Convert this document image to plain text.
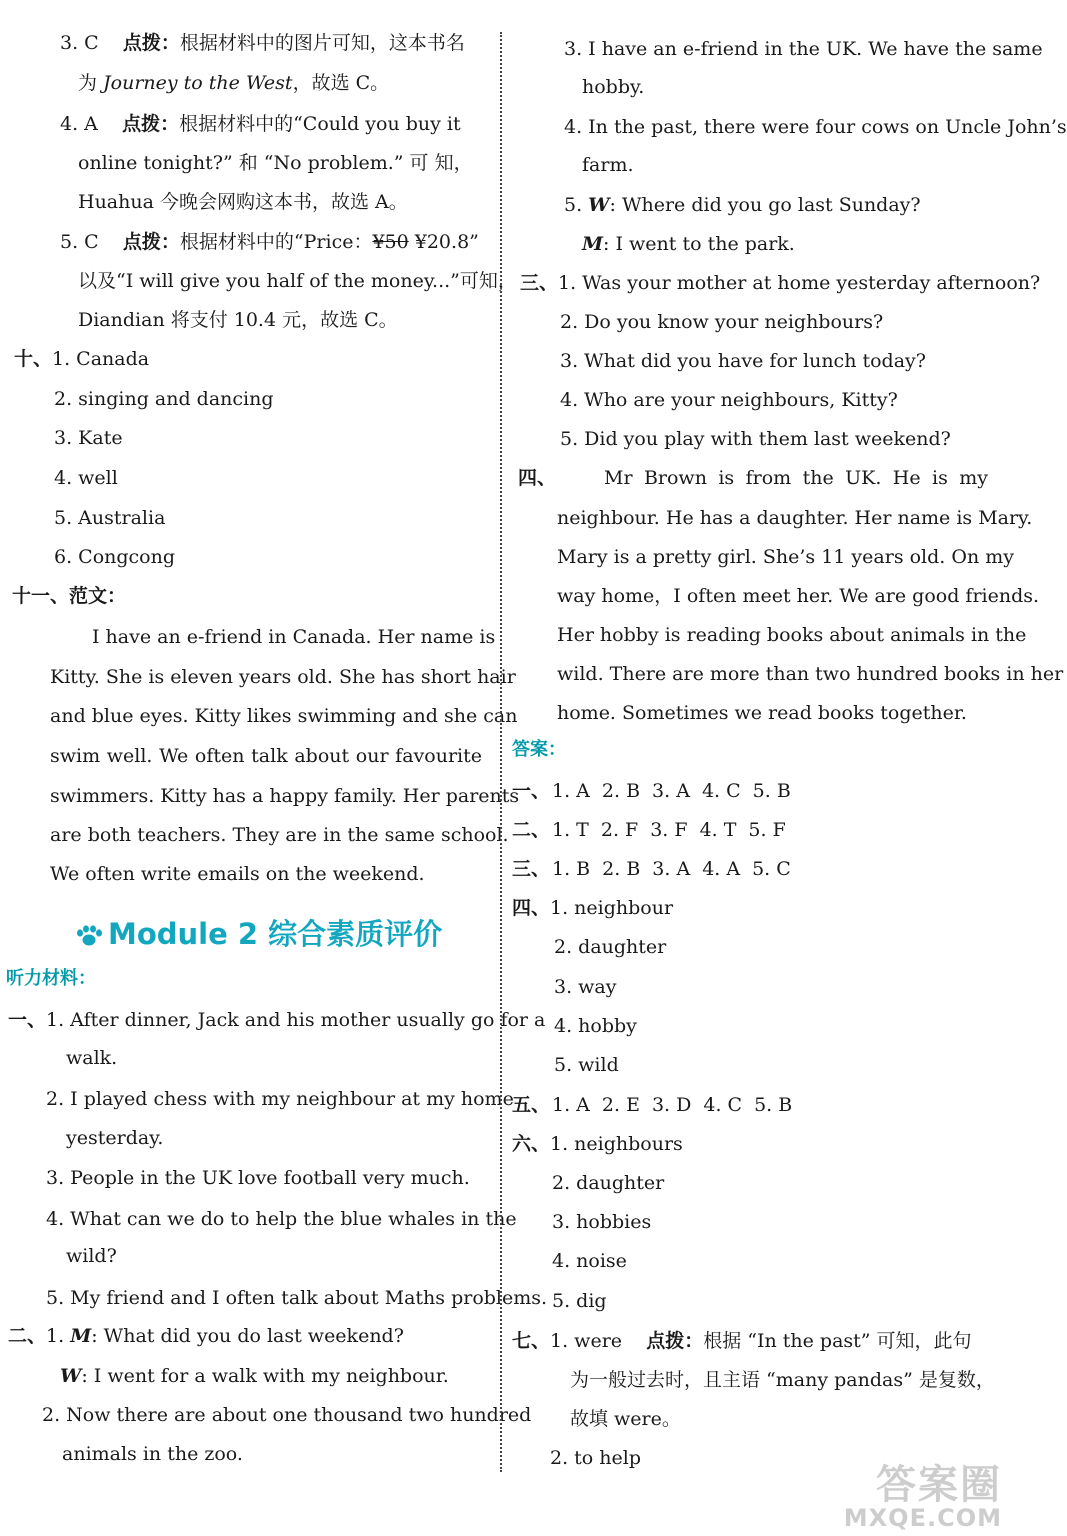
3. C 点拨：根据材料中的图片可知，这本书名
为 Journey to the West，故选 C。
4. A 点拨：根据材料中的“Could you buy it
online tonight?” 和 “No problem.” 可 知，
Huahua 今晚会网购这本书，故选 A。
5. C 点拨：根据材料中的“Price：¥50 ¥20.8”
以及“I will give you half of the money...”可知，
Diandian 将支付 10.4 元，故选 C。
十、1. Canada
2. singing and dancing
3. Kate
4. well
5. Australia
6. Congcong
十一、范文：
I have an e-friend in Canada. Her name is
Kitty. She is eleven years old. She has short hair
and blue eyes. Kitty likes swimming and she can
swim well. We often talk about our favourite
swimmers. Kitty has a happy family. Her parents
are both teachers. They are in the same school.
We often write emails on the weekend.
Module 2 综合素质评价
听力材料：
一、1. After dinner, Jack and his mother usually go for a
walk.
2. I played chess with my neighbour at my home
yesterday.
3. People in the UK love football very much.
4. What can we do to help the blue whales in the
wild?
5. My friend and I often talk about Maths problems.
二、1. M: What did you do last weekend?
W: I went for a walk with my neighbour.
2. Now there are about one thousand two hundred
animals in the zoo.
3. I have an e-friend in the UK. We have the same
hobby.
4. In the past, there were four cows on Uncle John’s
farm.
5. W: Where did you go last Sunday?
M: I went to the park.
三、1. Was your mother at home yesterday afternoon?
2. Do you know your neighbours?
3. What did you have for lunch today?
4. Who are your neighbours, Kitty?
5. Did you play with them last weekend?
四、	Mr Brown is from the UK. He is my
neighbour. He has a daughter. Her name is Mary.
Mary is a pretty girl. She’s 11 years old. On my
way home，I often meet her. We are good friends.
Her hobby is reading books about animals in the
wild. There are more than two hundred books in her
home. Sometimes we read books together.
答案：
一、 1. A 2. B 3. A 4. C 5. B
二、 1. T 2. F 3. F 4. T 5. F
三、 1. B 2. B 3. A 4. A 5. C
四、1. neighbour
2. daughter
3. way
4. hobby
5. wild
五、 1. A 2. E 3. D 4. C 5. B
六、1. neighbours
2. daughter
3. hobbies
4. noise
5. dig
七、1. were 点拨：根据 “In the past” 可知，此句
为一般过去时，且主语 “many pandas” 是复数，
故填 were。
2. to help
答案圈
MXQE.COM
